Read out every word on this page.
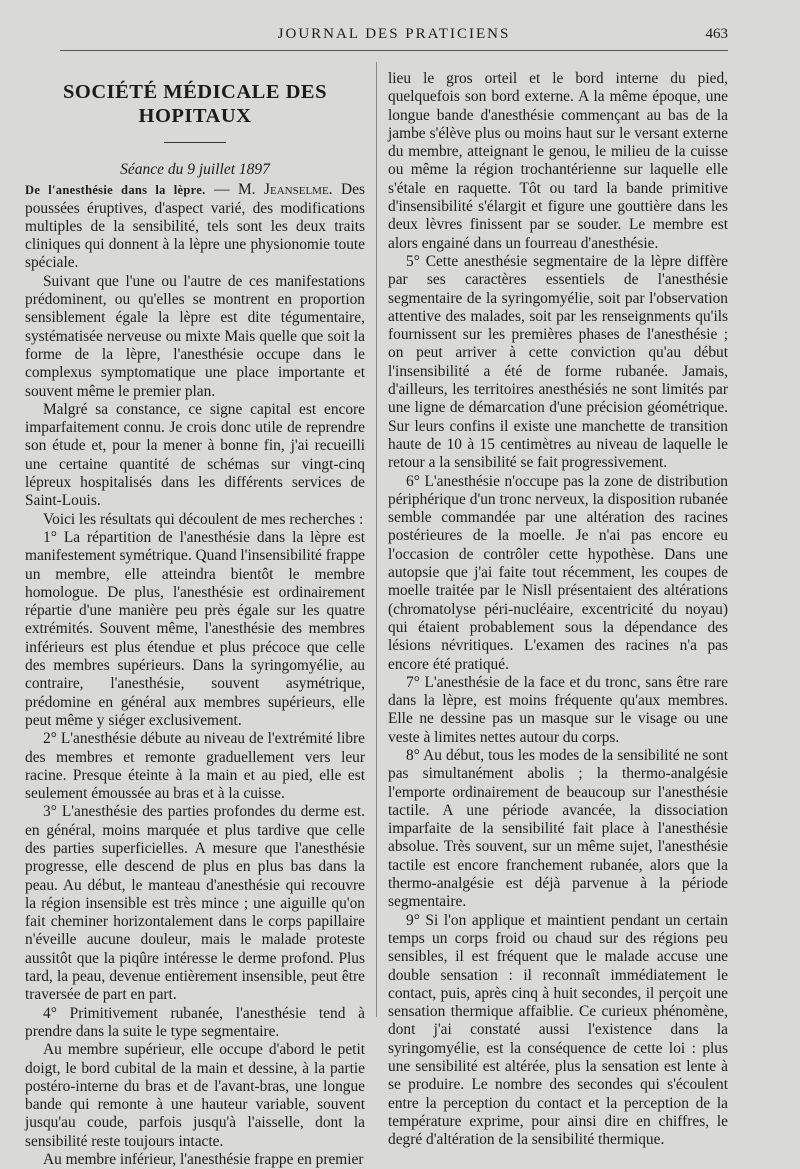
JOURNAL DES PRATICIENS	463
SOCIÉTÉ MÉDICALE DES HOPITAUX
Séance du 9 juillet 1897

De l'anesthésie dans la lèpre. — M. Jeanselme. Des poussées éruptives, d'aspect varié, des modifications multiples de la sensibilité, tels sont les deux traits cliniques qui donnent à la lèpre une physionomie toute spéciale.

Suivant que l'une ou l'autre de ces manifestations prédominent, ou qu'elles se montrent en proportion sensiblement égale la lèpre est dite tégumentaire, systématisée nerveuse ou mixte Mais quelle que soit la forme de la lèpre, l'anesthésie occupe dans le complexus symptomatique une place importante et souvent même le premier plan.

Malgré sa constance, ce signe capital est encore imparfaitement connu. Je crois donc utile de reprendre son étude et, pour la mener à bonne fin, j'ai recueilli une certaine quantité de schémas sur vingt-cinq lépreux hospitalisés dans les différents services de Saint-Louis.

Voici les résultats qui découlent de mes recherches :

1° La répartition de l'anesthésie dans la lèpre est manifestement symétrique. Quand l'insensibilité frappe un membre, elle atteindra bientôt le membre homologue. De plus, l'anesthésie est ordinairement répartie d'une manière peu près égale sur les quatre extrémités. Souvent même, l'anesthésie des membres inférieurs est plus étendue et plus précoce que celle des membres supérieurs. Dans la syringomyélie, au contraire, l'anesthésie, souvent asymétrique, prédomine en général aux membres supérieurs, elle peut même y siéger exclusivement.

2° L'anesthésie débute au niveau de l'extrémité libre des membres et remonte graduellement vers leur racine. Presque éteinte à la main et au pied, elle est seulement émoussée au bras et à la cuisse.

3° L'anesthésie des parties profondes du derme est. en général, moins marquée et plus tardive que celle des parties superficielles. A mesure que l'anesthésie progresse, elle descend de plus en plus bas dans la peau. Au début, le manteau d'anesthésie qui recouvre la région insensible est très mince ; une aiguille qu'on fait cheminer horizontalement dans le corps papillaire n'éveille aucune douleur, mais le malade proteste aussitôt que la piqûre intéresse le derme profond. Plus tard, la peau, devenue entièrement insensible, peut être traversée de part en part.

4° Primitivement rubanée, l'anesthésie tend à prendre dans la suite le type segmentaire.

Au membre supérieur, elle occupe d'abord le petit doigt, le bord cubital de la main et dessine, à la partie postéro-interne du bras et de l'avant-bras, une longue bande qui remonte à une hauteur variable, souvent jusqu'au coude, parfois jusqu'à l'aisselle, dont la sensibilité reste toujours intacte.

Au membre inférieur, l'anesthésie frappe en premier

lieu le gros orteil et le bord interne du pied, quelquefois son bord externe. A la même époque, une longue bande d'anesthésie commençant au bas de la jambe s'élève plus ou moins haut sur le versant externe du membre, atteignant le genou, le milieu de la cuisse ou même la région trochantérienne sur laquelle elle s'étale en raquette. Tôt ou tard la bande primitive d'insensibilité s'élargit et figure une gouttière dans les deux lèvres finissent par se souder. Le membre est alors engainé dans un fourreau d'anesthésie.

5° Cette anesthésie segmentaire de la lèpre diffère par ses caractères essentiels de l'anesthésie segmentaire de la syringomyélie, soit par l'observation attentive des malades, soit par les renseignments qu'ils fournissent sur les premières phases de l'anesthésie ; on peut arriver à cette conviction qu'au début l'insensibilité a été de forme rubanée. Jamais, d'ailleurs, les territoires anesthésiés ne sont limités par une ligne de démarcation d'une précision géométrique. Sur leurs confins il existe une manchette de transition haute de 10 à 15 centimètres au niveau de laquelle le retour a la sensibilité se fait progressivement.

6° L'anesthésie n'occupe pas la zone de distribution périphérique d'un tronc nerveux, la disposition rubanée semble commandée par une altération des racines postérieures de la moelle. Je n'ai pas encore eu l'occasion de contrôler cette hypothèse. Dans une autopsie que j'ai faite tout récemment, les coupes de moelle traitée par le Nisll présentaient des altérations (chromatolyse péri-nucléaire, excentricité du noyau) qui étaient probablement sous la dépendance des lésions névritiques. L'examen des racines n'a pas encore été pratiqué.

7° L'anesthésie de la face et du tronc, sans être rare dans la lèpre, est moins fréquente qu'aux membres. Elle ne dessine pas un masque sur le visage ou une veste à limites nettes autour du corps.

8° Au début, tous les modes de la sensibilité ne sont pas simultanément abolis ; la thermo-analgésie l'emporte ordinairement de beaucoup sur l'anesthésie tactile. A une période avancée, la dissociation imparfaite de la sensibilité fait place à l'anesthésie absolue. Très souvent, sur un même sujet, l'anesthésie tactile est encore franchement rubanée, alors que la thermo-analgésie est déjà parvenue à la période segmentaire.

9° Si l'on applique et maintient pendant un certain temps un corps froid ou chaud sur des régions peu sensibles, il est fréquent que le malade accuse une double sensation : il reconnaît immédiatement le contact, puis, après cinq à huit secondes, il perçoit une sensation thermique affaiblie. Ce curieux phénomène, dont j'ai constaté aussi l'existence dans la syringomyélie, est la conséquence de cette loi : plus une sensibilité est altérée, plus la sensation est lente à se produire. Le nombre des secondes qui s'écoulent entre la perception du contact et la perception de la température exprime, pour ainsi dire en chiffres, le degré d'altération de la sensibilité thermique.
